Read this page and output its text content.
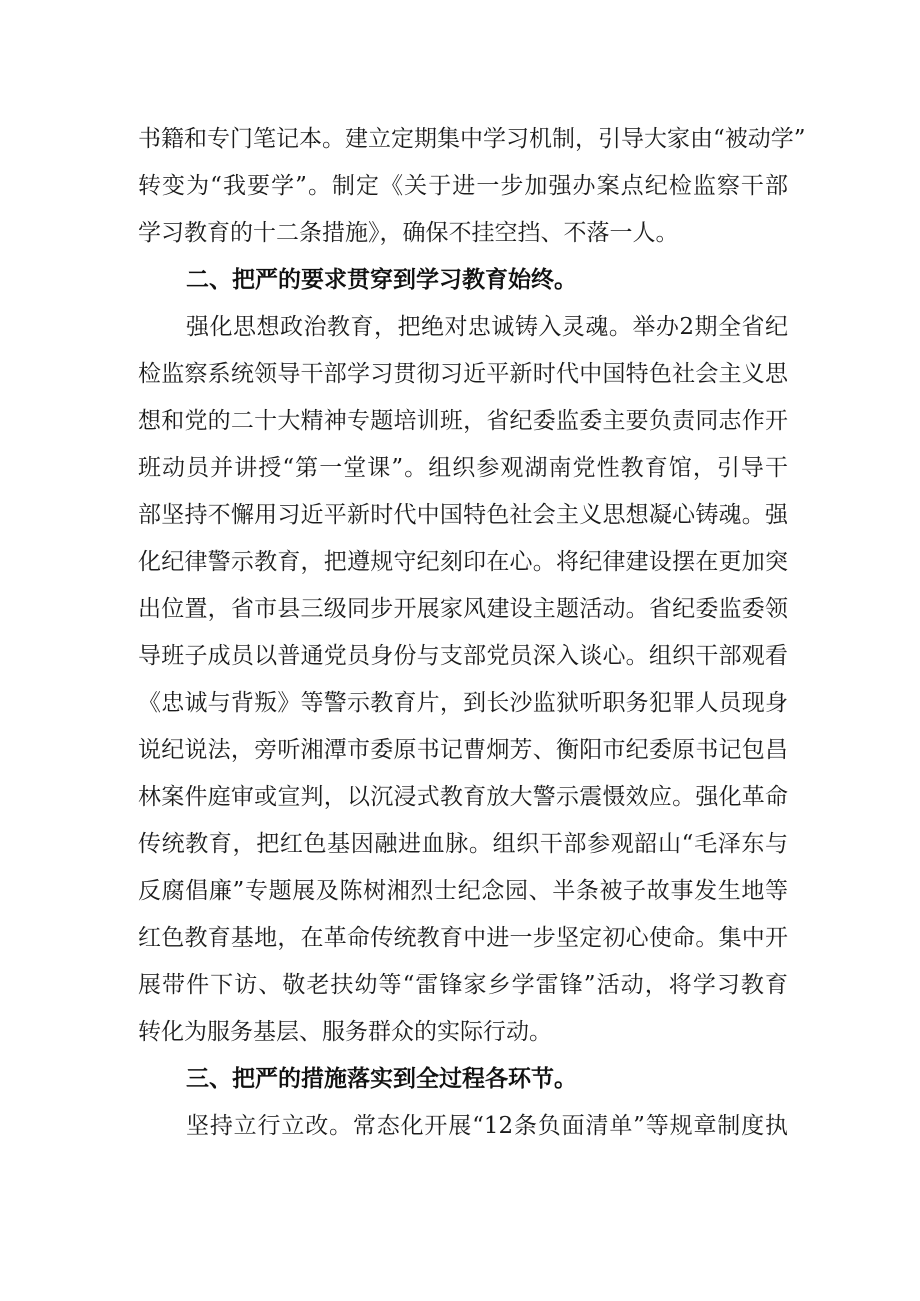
书籍和专门笔记本。建立定期集中学习机制，引导大家由“被动学”
转变为“我要学”。制定《关于进一步加强办案点纪检监察干部
学习教育的十二条措施》，确保不挂空挡、不落一人。
二、把严的要求贯穿到学习教育始终。
强化思想政治教育，把绝对忠诚铸入灵魂。举办2期全省纪
检监察系统领导干部学习贯彻习近平新时代中国特色社会主义思
想和党的二十大精神专题培训班，省纪委监委主要负责同志作开
班动员并讲授“第一堂课”。组织参观湖南党性教育馆，引导干
部坚持不懈用习近平新时代中国特色社会主义思想凝心铸魂。强
化纪律警示教育，把遵规守纪刻印在心。将纪律建设摆在更加突
出位置，省市县三级同步开展家风建设主题活动。省纪委监委领
导班子成员以普通党员身份与支部党员深入谈心。组织干部观看
《忠诚与背叛》等警示教育片，到长沙监狱听职务犯罪人员现身
说纪说法，旁听湘潭市委原书记曹炯芳、衡阳市纪委原书记包昌
林案件庭审或宣判，以沉浸式教育放大警示震慑效应。强化革命
传统教育，把红色基因融进血脉。组织干部参观韶山“毛泽东与
反腐倡廉”专题展及陈树湘烈士纪念园、半条被子故事发生地等
红色教育基地，在革命传统教育中进一步坚定初心使命。集中开
展带件下访、敬老扶幼等“雷锋家乡学雷锋”活动，将学习教育
转化为服务基层、服务群众的实际行动。
三、把严的措施落实到全过程各环节。
坚持立行立改。常态化开展“12条负面清单”等规章制度执
